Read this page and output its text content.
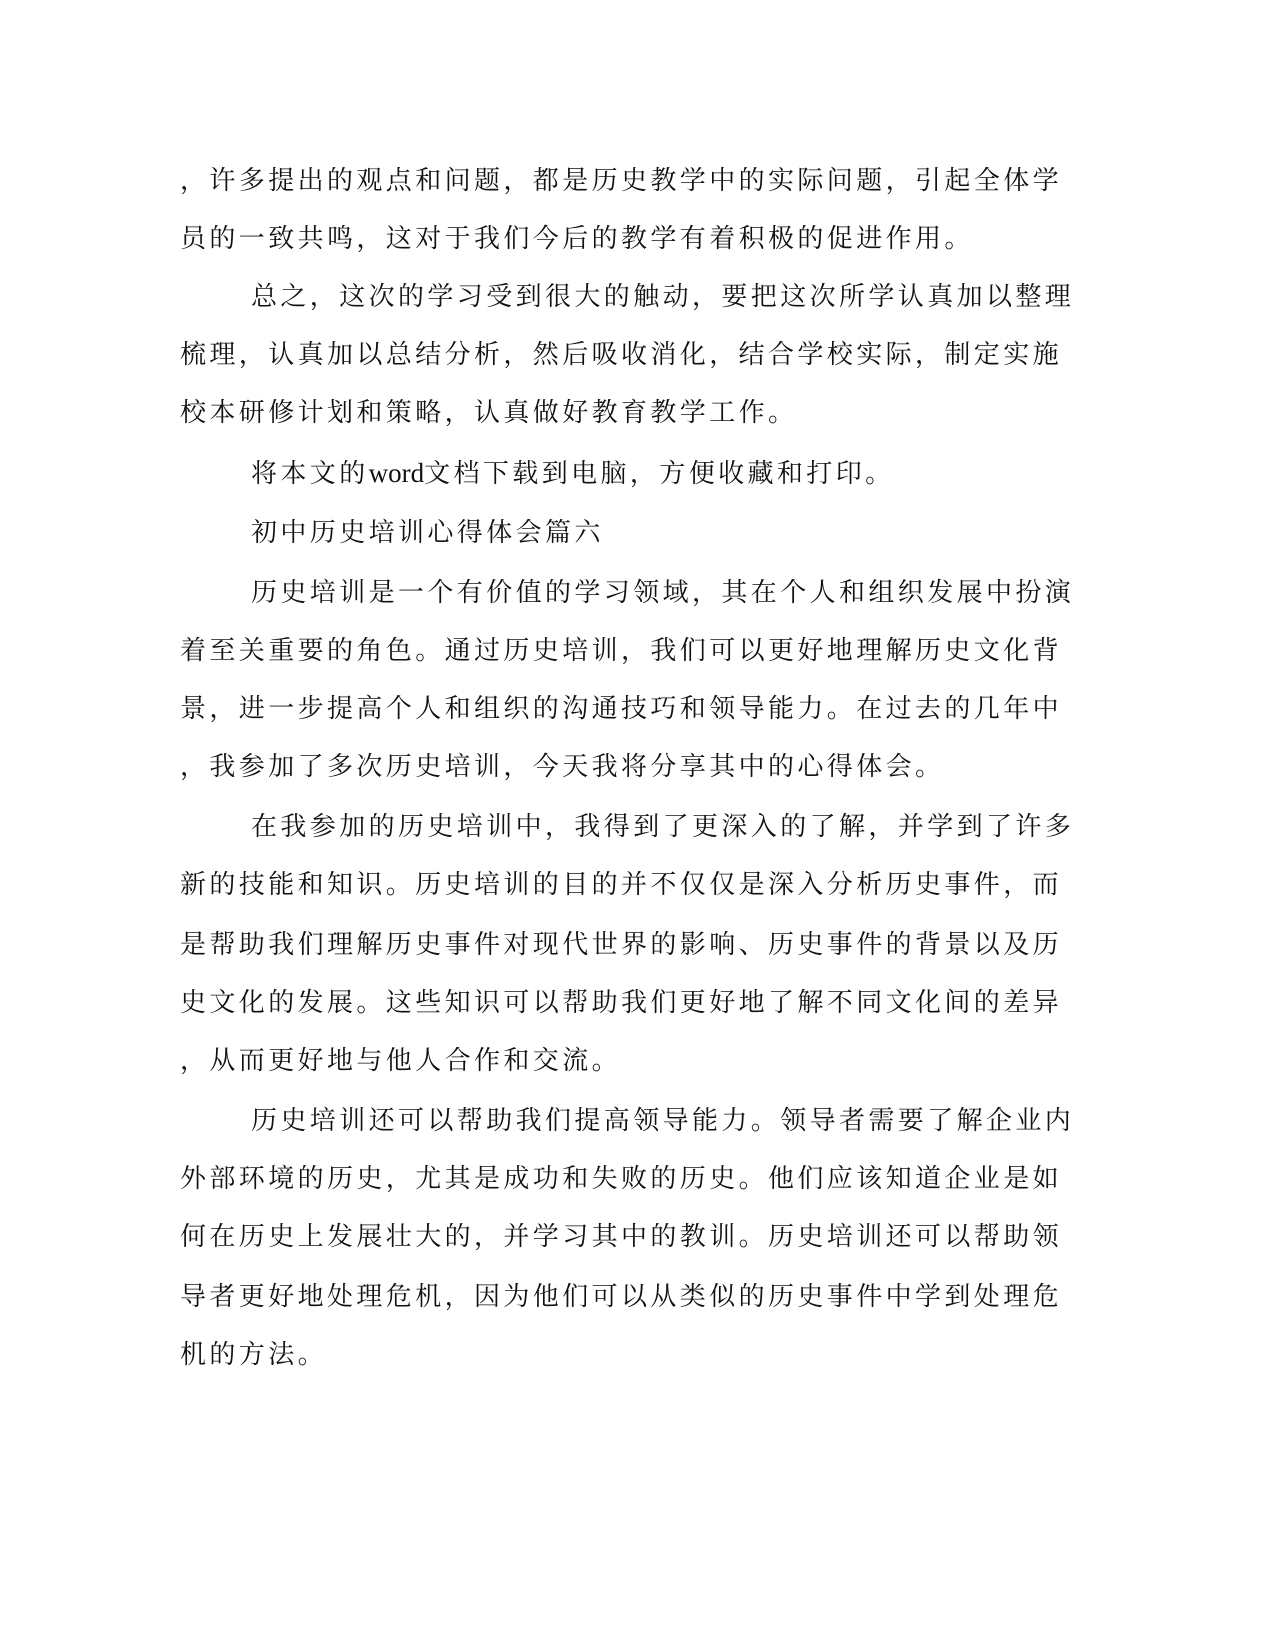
，许多提出的观点和问题，都是历史教学中的实际问题，引起全体学
员的一致共鸣，这对于我们今后的教学有着积极的促进作用。
总之，这次的学习受到很大的触动，要把这次所学认真加以整理
梳理，认真加以总结分析，然后吸收消化，结合学校实际，制定实施
校本研修计划和策略，认真做好教育教学工作。
将本文的word文档下载到电脑，方便收藏和打印。
初中历史培训心得体会篇六
历史培训是一个有价值的学习领域，其在个人和组织发展中扮演
着至关重要的角色。通过历史培训，我们可以更好地理解历史文化背
景，进一步提高个人和组织的沟通技巧和领导能力。在过去的几年中
，我参加了多次历史培训，今天我将分享其中的心得体会。
在我参加的历史培训中，我得到了更深入的了解，并学到了许多
新的技能和知识。历史培训的目的并不仅仅是深入分析历史事件，而
是帮助我们理解历史事件对现代世界的影响、历史事件的背景以及历
史文化的发展。这些知识可以帮助我们更好地了解不同文化间的差异
，从而更好地与他人合作和交流。
历史培训还可以帮助我们提高领导能力。领导者需要了解企业内
外部环境的历史，尤其是成功和失败的历史。他们应该知道企业是如
何在历史上发展壮大的，并学习其中的教训。历史培训还可以帮助领
导者更好地处理危机，因为他们可以从类似的历史事件中学到处理危
机的方法。
